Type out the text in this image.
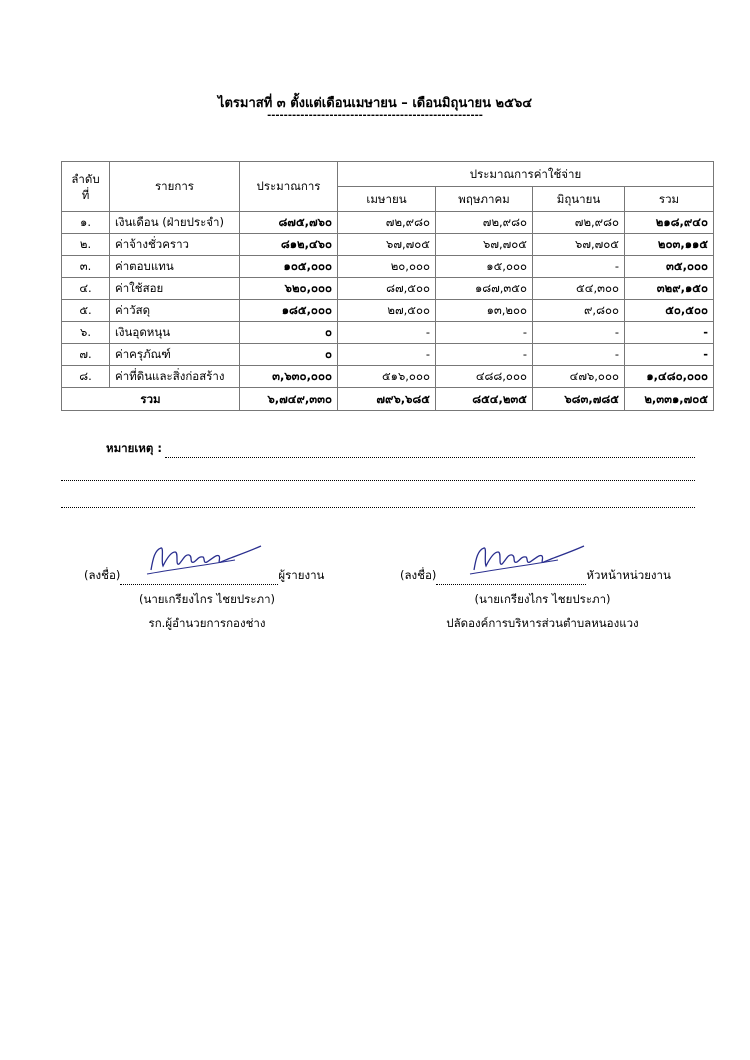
ไตรมาสที่ ๓ ตั้งแต่เดือนเมษายน – เดือนมิถุนายน ๒๕๖๔
----------------------------------------------------
ลำดับ ที่	รายการ	ประมาณการ	ประมาณการค่าใช้จ่าย			
			เมษายน	พฤษภาคม	มิถุนายน	รวม
๑.	เงินเดือน (ฝ่ายประจำ)	๘๗๕,๗๖๐	๗๒,๙๘๐	๗๒,๙๘๐	๗๒,๙๘๐	๒๑๘,๙๔๐
๒.	ค่าจ้างชั่วคราว	๘๑๒,๔๖๐	๖๗,๗๐๕	๖๗,๗๐๕	๖๗,๗๐๕	๒๐๓,๑๑๕
๓.	ค่าตอบแทน	๑๐๕,๐๐๐	๒๐,๐๐๐	๑๕,๐๐๐	-	๓๕,๐๐๐
๔.	ค่าใช้สอย	๖๒๐,๐๐๐	๘๗,๕๐๐	๑๘๗,๓๕๐	๕๔,๓๐๐	๓๒๙,๑๕๐
๕.	ค่าวัสดุ	๑๘๕,๐๐๐	๒๗,๕๐๐	๑๓,๒๐๐	๙,๘๐๐	๕๐,๕๐๐
๖.	เงินอุดหนุน	๐	-	-	-	-
๗.	ค่าครุภัณฑ์	๐	-	-	-	-
๘.	ค่าที่ดินและสิ่งก่อสร้าง	๓,๖๓๐,๐๐๐	๕๑๖,๐๐๐	๔๘๘,๐๐๐	๔๗๖,๐๐๐	๑,๔๘๐,๐๐๐
รวม		๖,๗๔๙,๓๓๐	๗๙๖,๖๘๕	๘๕๔,๒๓๕	๖๘๓,๗๘๕	๒,๓๓๑,๗๐๕
หมายเหตุ :
(ลงชื่อ)	ผู้รายงาน
(นายเกรียงไกร ไชยประภา)
รก.ผู้อำนวยการกองช่าง
(ลงชื่อ)	หัวหน้าหน่วยงาน
(นายเกรียงไกร ไชยประภา)
ปลัดองค์การบริหารส่วนตำบลหนองแวง
